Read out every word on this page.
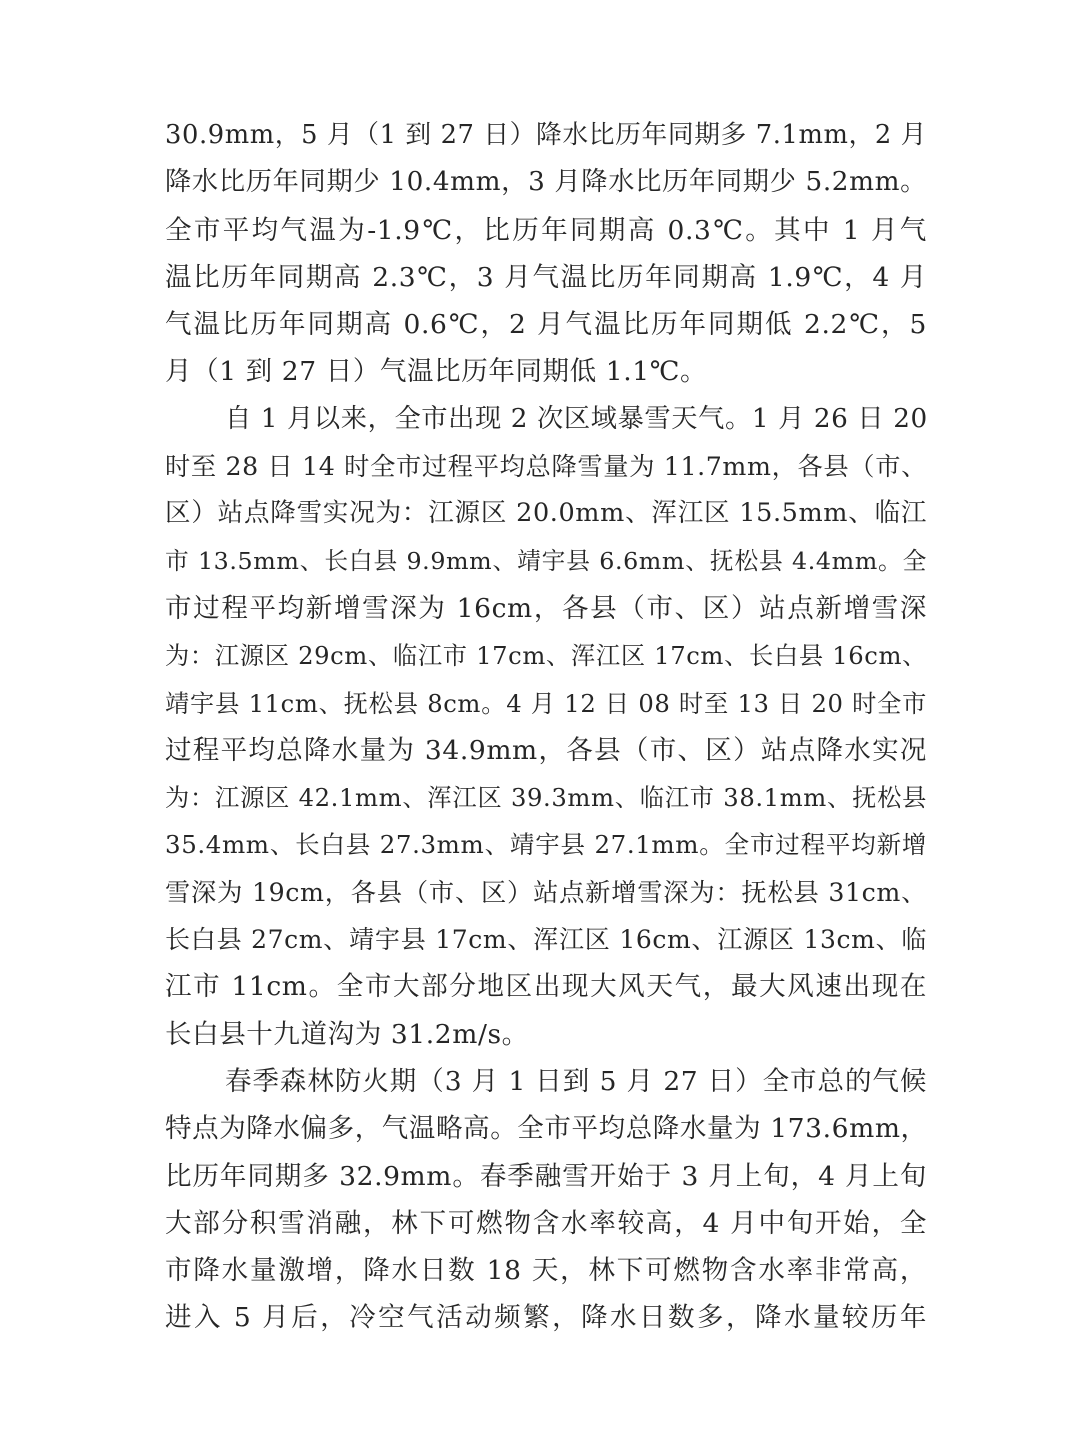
30.9mm，5 月（1 到 27 日）降水比历年同期多 7.1mm，2 月
降水比历年同期少 10.4mm，3 月降水比历年同期少 5.2mm。
全市平均气温为-1.9℃，比历年同期高 0.3℃。其中 1 月气
温比历年同期高 2.3℃，3 月气温比历年同期高 1.9℃，4 月
气温比历年同期高 0.6℃，2 月气温比历年同期低 2.2℃，5
月（1 到 27 日）气温比历年同期低 1.1℃。
自 1 月以来，全市出现 2 次区域暴雪天气。1 月 26 日 20
时至 28 日 14 时全市过程平均总降雪量为 11.7mm，各县（市、
区）站点降雪实况为：江源区 20.0mm、浑江区 15.5mm、临江
市 13.5mm、长白县 9.9mm、靖宇县 6.6mm、抚松县 4.4mm。全
市过程平均新增雪深为 16cm，各县（市、区）站点新增雪深
为：江源区 29cm、临江市 17cm、浑江区 17cm、长白县 16cm、
靖宇县 11cm、抚松县 8cm。4 月 12 日 08 时至 13 日 20 时全市
过程平均总降水量为 34.9mm，各县（市、区）站点降水实况
为：江源区 42.1mm、浑江区 39.3mm、临江市 38.1mm、抚松县
35.4mm、长白县 27.3mm、靖宇县 27.1mm。全市过程平均新增
雪深为 19cm，各县（市、区）站点新增雪深为：抚松县 31cm、
长白县 27cm、靖宇县 17cm、浑江区 16cm、江源区 13cm、临
江市 11cm。全市大部分地区出现大风天气，最大风速出现在
长白县十九道沟为 31.2m/s。
春季森林防火期（3 月 1 日到 5 月 27 日）全市总的气候
特点为降水偏多，气温略高。全市平均总降水量为 173.6mm，
比历年同期多 32.9mm。春季融雪开始于 3 月上旬，4 月上旬
大部分积雪消融，林下可燃物含水率较高，4 月中旬开始，全
市降水量激增，降水日数 18 天，林下可燃物含水率非常高，
进入 5 月后，冷空气活动频繁，降水日数多，降水量较历年
